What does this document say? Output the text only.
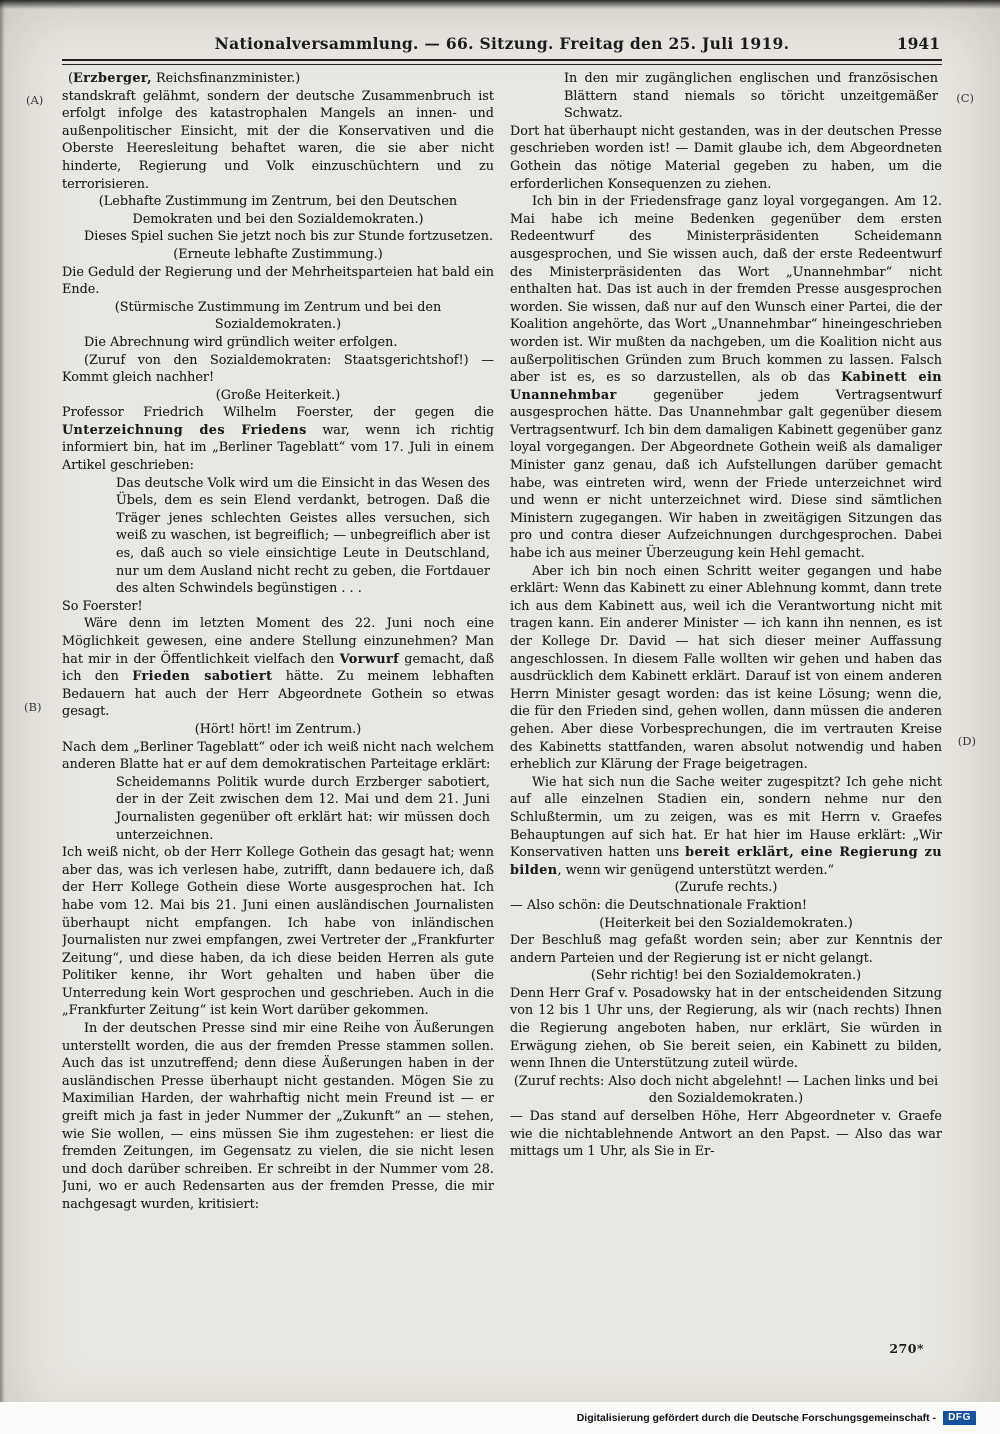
Nationalversammlung. — 66. Sitzung. Freitag den 25. Juli 1919.	1941
(A)
(B)
(C)
(D)

(Erzberger, Reichsfinanzminister.)

standskraft gelähmt, sondern der deutsche Zusammenbruch ist erfolgt infolge des katastrophalen Mangels an innen- und außenpolitischer Einsicht, mit der die Konservativen und die Oberste Heeresleitung behaftet waren, die sie aber nicht hinderte, Regierung und Volk einzuschüchtern und zu terrorisieren.

(Lebhafte Zustimmung im Zentrum, bei den Deutschen Demokraten und bei den Sozialdemokraten.)

Dieses Spiel suchen Sie jetzt noch bis zur Stunde fortzusetzen.

(Erneute lebhafte Zustimmung.)

Die Geduld der Regierung und der Mehrheitsparteien hat bald ein Ende.

(Stürmische Zustimmung im Zentrum und bei den Sozialdemokraten.)

Die Abrechnung wird gründlich weiter erfolgen.

(Zuruf von den Sozialdemokraten: Staatsgerichtshof!) — Kommt gleich nachher!

(Große Heiterkeit.)

Professor Friedrich Wilhelm Foerster, der gegen die Unterzeichnung des Friedens war, wenn ich richtig informiert bin, hat im „Berliner Tageblatt“ vom 17. Juli in einem Artikel geschrieben:

Das deutsche Volk wird um die Einsicht in das Wesen des Übels, dem es sein Elend verdankt, betrogen. Daß die Träger jenes schlechten Geistes alles versuchen, sich weiß zu waschen, ist begreiflich; — unbegreiflich aber ist es, daß auch so viele einsichtige Leute in Deutschland, nur um dem Ausland nicht recht zu geben, die Fortdauer des alten Schwindels begünstigen . . .

So Foerster!

Wäre denn im letzten Moment des 22. Juni noch eine Möglichkeit gewesen, eine andere Stellung einzunehmen? Man hat mir in der Öffentlichkeit vielfach den Vorwurf gemacht, daß ich den Frieden sabotiert hätte. Zu meinem lebhaften Bedauern hat auch der Herr Abgeordnete Gothein so etwas gesagt.

(Hört! hört! im Zentrum.)

Nach dem „Berliner Tageblatt“ oder ich weiß nicht nach welchem anderen Blatte hat er auf dem demokratischen Parteitage erklärt:

Scheidemanns Politik wurde durch Erzberger sabotiert, der in der Zeit zwischen dem 12. Mai und dem 21. Juni Journalisten gegenüber oft erklärt hat: wir müssen doch unterzeichnen.

Ich weiß nicht, ob der Herr Kollege Gothein das gesagt hat; wenn aber das, was ich verlesen habe, zutrifft, dann bedauere ich, daß der Herr Kollege Gothein diese Worte ausgesprochen hat. Ich habe vom 12. Mai bis 21. Juni einen ausländischen Journalisten überhaupt nicht empfangen. Ich habe von inländischen Journalisten nur zwei empfangen, zwei Vertreter der „Frankfurter Zeitung“, und diese haben, da ich diese beiden Herren als gute Politiker kenne, ihr Wort gehalten und haben über die Unterredung kein Wort gesprochen und geschrieben. Auch in die „Frankfurter Zeitung“ ist kein Wort darüber gekommen.

In der deutschen Presse sind mir eine Reihe von Äußerungen unterstellt worden, die aus der fremden Presse stammen sollen. Auch das ist unzutreffend; denn diese Äußerungen haben in der ausländischen Presse überhaupt nicht gestanden. Mögen Sie zu Maximilian Harden, der wahrhaftig nicht mein Freund ist — er greift mich ja fast in jeder Nummer der „Zukunft“ an — stehen, wie Sie wollen, — eins müssen Sie ihm zugestehen: er liest die fremden Zeitungen, im Gegensatz zu vielen, die sie nicht lesen und doch darüber schreiben. Er schreibt in der Nummer vom 28. Juni, wo er auch Redensarten aus der fremden Presse, die mir nachgesagt wurden, kritisiert:

In den mir zugänglichen englischen und französischen Blättern stand niemals so töricht unzeitgemäßer Schwatz.

Dort hat überhaupt nicht gestanden, was in der deutschen Presse geschrieben worden ist! — Damit glaube ich, dem Abgeordneten Gothein das nötige Material gegeben zu haben, um die erforderlichen Konsequenzen zu ziehen.

Ich bin in der Friedensfrage ganz loyal vorgegangen. Am 12. Mai habe ich meine Bedenken gegenüber dem ersten Redeentwurf des Ministerpräsidenten Scheidemann ausgesprochen, und Sie wissen auch, daß der erste Redeentwurf des Ministerpräsidenten das Wort „Unannehmbar“ nicht enthalten hat. Das ist auch in der fremden Presse ausgesprochen worden. Sie wissen, daß nur auf den Wunsch einer Partei, die der Koalition angehörte, das Wort „Unannehmbar“ hineingeschrieben worden ist. Wir mußten da nachgeben, um die Koalition nicht aus außerpolitischen Gründen zum Bruch kommen zu lassen. Falsch aber ist es, es so darzustellen, als ob das Kabinett ein Unannehmbar gegenüber jedem Vertragsentwurf ausgesprochen hätte. Das Unannehmbar galt gegenüber diesem Vertragsentwurf. Ich bin dem damaligen Kabinett gegenüber ganz loyal vorgegangen. Der Abgeordnete Gothein weiß als damaliger Minister ganz genau, daß ich Aufstellungen darüber gemacht habe, was eintreten wird, wenn der Friede unterzeichnet wird und wenn er nicht unterzeichnet wird. Diese sind sämtlichen Ministern zugegangen. Wir haben in zweitägigen Sitzungen das pro und contra dieser Aufzeichnungen durchgesprochen. Dabei habe ich aus meiner Überzeugung kein Hehl gemacht.

Aber ich bin noch einen Schritt weiter gegangen und habe erklärt: Wenn das Kabinett zu einer Ablehnung kommt, dann trete ich aus dem Kabinett aus, weil ich die Verantwortung nicht mit tragen kann. Ein anderer Minister — ich kann ihn nennen, es ist der Kollege Dr. David — hat sich dieser meiner Auffassung angeschlossen. In diesem Falle wollten wir gehen und haben das ausdrücklich dem Kabinett erklärt. Darauf ist von einem anderen Herrn Minister gesagt worden: das ist keine Lösung; wenn die, die für den Frieden sind, gehen wollen, dann müssen die anderen gehen. Aber diese Vorbesprechungen, die im vertrauten Kreise des Kabinetts stattfanden, waren absolut notwendig und haben erheblich zur Klärung der Frage beigetragen.

Wie hat sich nun die Sache weiter zugespitzt? Ich gehe nicht auf alle einzelnen Stadien ein, sondern nehme nur den Schlußtermin, um zu zeigen, was es mit Herrn v. Graefes Behauptungen auf sich hat. Er hat hier im Hause erklärt: „Wir Konservativen hatten uns bereit erklärt, eine Regierung zu bilden, wenn wir genügend unterstützt werden.“

(Zurufe rechts.)

— Also schön: die Deutschnationale Fraktion!

(Heiterkeit bei den Sozialdemokraten.)

Der Beschluß mag gefaßt worden sein; aber zur Kenntnis der andern Parteien und der Regierung ist er nicht gelangt.

(Sehr richtig! bei den Sozialdemokraten.)

Denn Herr Graf v. Posadowsky hat in der entscheidenden Sitzung von 12 bis 1 Uhr uns, der Regierung, als wir (nach rechts) Ihnen die Regierung angeboten haben, nur erklärt, Sie würden in Erwägung ziehen, ob Sie bereit seien, ein Kabinett zu bilden, wenn Ihnen die Unterstützung zuteil würde.

(Zuruf rechts: Also doch nicht abgelehnt! — Lachen links und bei den Sozialdemokraten.)

— Das stand auf derselben Höhe, Herr Abgeordneter v. Graefe wie die nichtablehnende Antwort an den Papst. — Also das war mittags um 1 Uhr, als Sie in Er-

270*
Digitalisierung gefördert durch die Deutsche Forschungsgemeinschaft -	DFG
